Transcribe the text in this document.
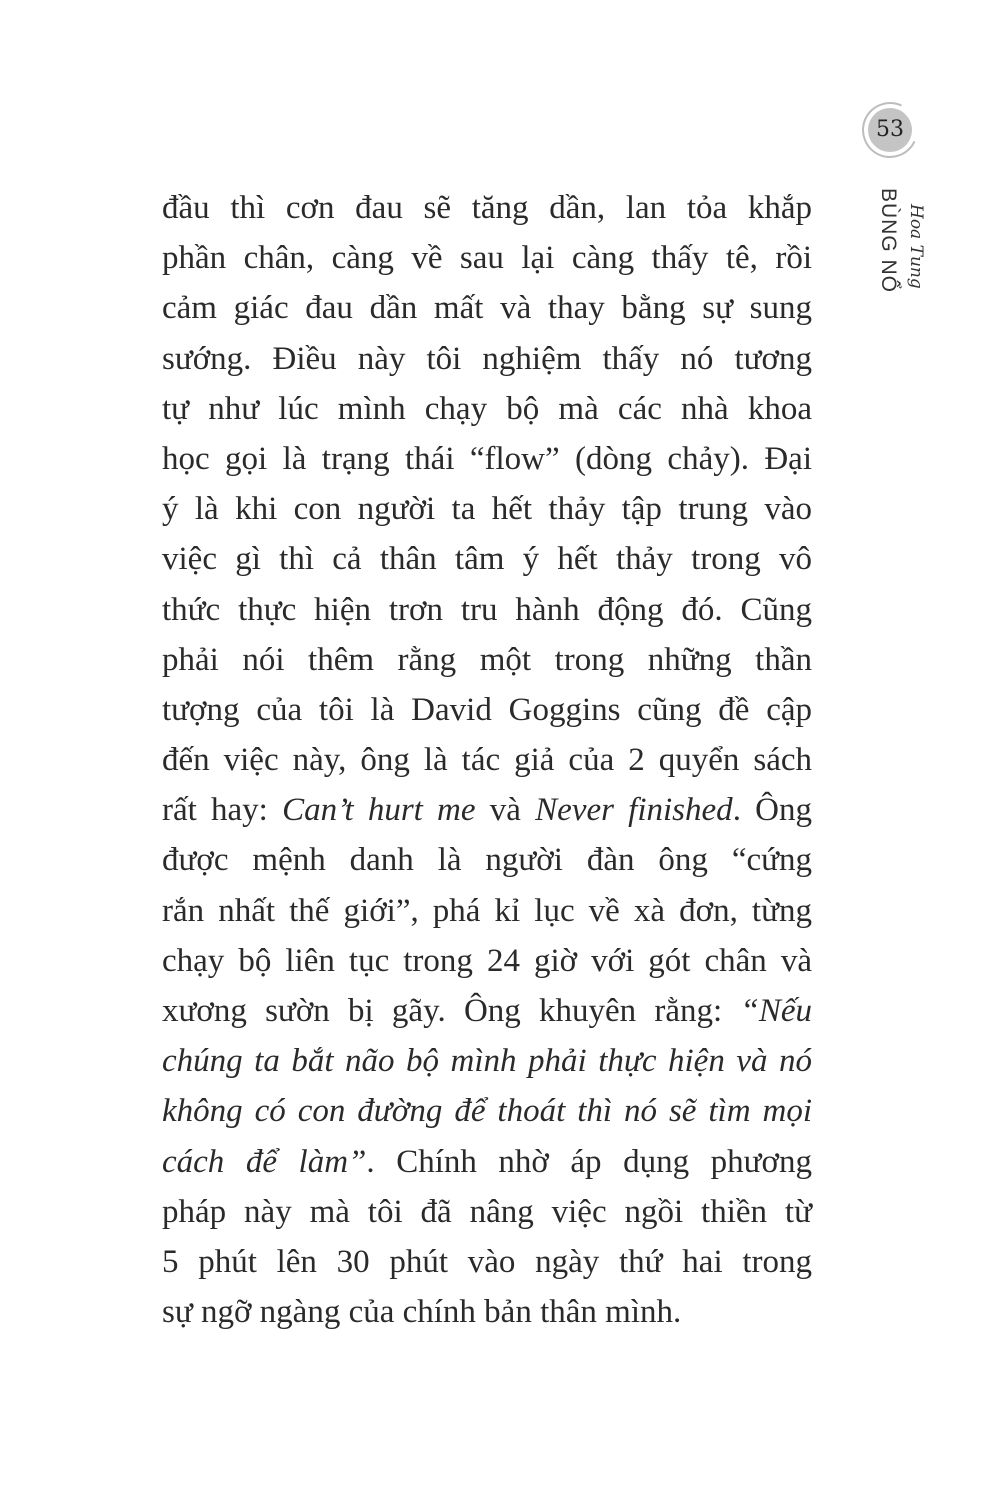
53
Hoa Tung
BÙNG NỔ
đầu thì cơn đau sẽ tăng dần, lan tỏa khắp
phần chân, càng về sau lại càng thấy tê, rồi
cảm giác đau dần mất và thay bằng sự sung
sướng. Điều này tôi nghiệm thấy nó tương
tự như lúc mình chạy bộ mà các nhà khoa
học gọi là trạng thái “flow” (dòng chảy). Đại
ý là khi con người ta hết thảy tập trung vào
việc gì thì cả thân tâm ý hết thảy trong vô
thức thực hiện trơn tru hành động đó. Cũng
phải nói thêm rằng một trong những thần
tượng của tôi là David Goggins cũng đề cập
đến việc này, ông là tác giả của 2 quyển sách
rất hay: Can’t hurt me và Never finished. Ông
được mệnh danh là người đàn ông “cứng
rắn nhất thế giới”, phá kỉ lục về xà đơn, từng
chạy bộ liên tục trong 24 giờ với gót chân và
xương sườn bị gãy. Ông khuyên rằng: “Nếu
chúng ta bắt não bộ mình phải thực hiện và nó
không có con đường để thoát thì nó sẽ tìm mọi
cách để làm”. Chính nhờ áp dụng phương
pháp này mà tôi đã nâng việc ngồi thiền từ
5 phút lên 30 phút vào ngày thứ hai trong
sự ngỡ ngàng của chính bản thân mình.
